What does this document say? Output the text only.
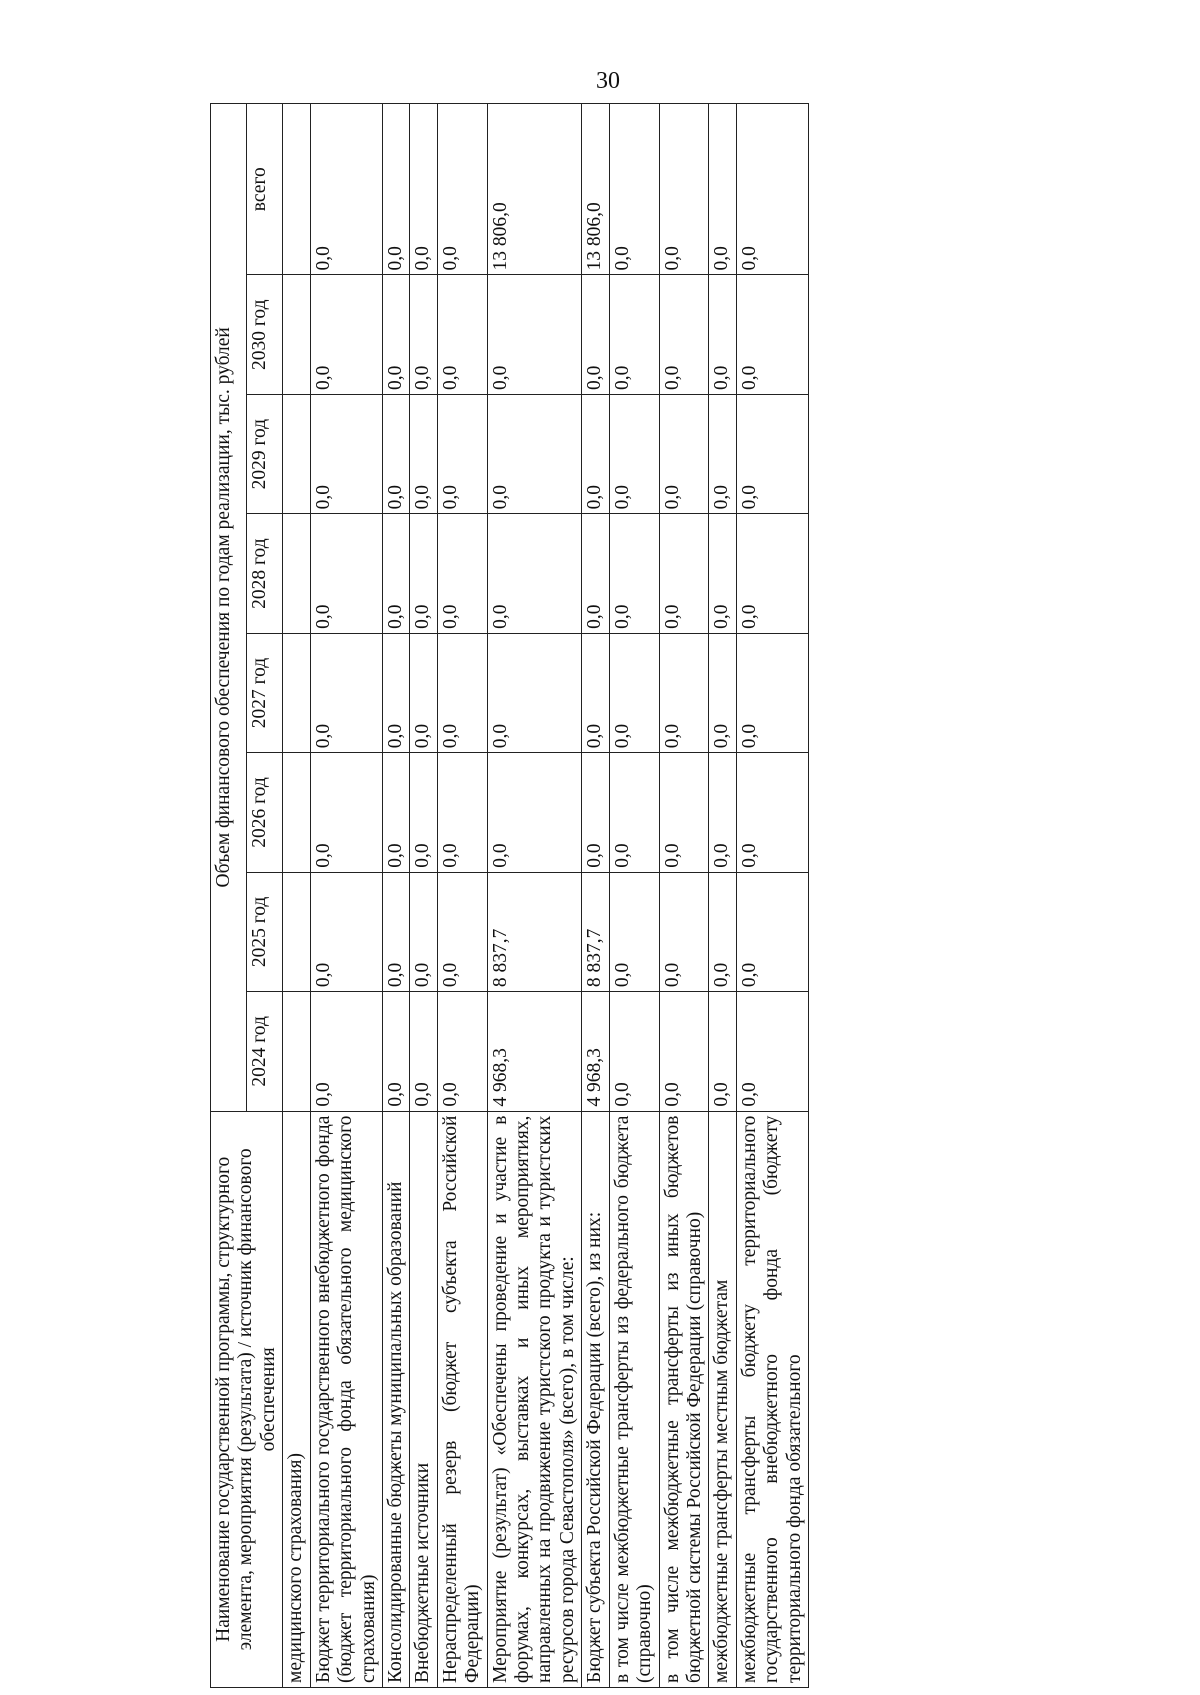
30
Наименование государственной программы, структурного элемента, мероприятия (результата) / источник финансового обеспечения	Объем финансового обеспечения по годам реализации, тыс. рублей							
	2024 год	2025 год	2026 год	2027 год	2028 год	2029 год	2030 год	всего
медицинского страхования)								
Бюджет территориального государственного внебюджетного фонда (бюджет территориального фонда обязательного медицинского страхования)	0,0	0,0	0,0	0,0	0,0	0,0	0,0	0,0
Консолидированные бюджеты муниципальных образований	0,0	0,0	0,0	0,0	0,0	0,0	0,0	0,0
Внебюджетные источники	0,0	0,0	0,0	0,0	0,0	0,0	0,0	0,0
Нераспределенный резерв (бюджет субъекта Российской Федерации)	0,0	0,0	0,0	0,0	0,0	0,0	0,0	0,0
Мероприятие (результат) «Обеспечены проведение и участие в форумах, конкурсах, выставках и иных мероприятиях, направленных на продвижение туристского продукта и туристских ресурсов города Севастополя» (всего), в том числе:	4 968,3	8 837,7	0,0	0,0	0,0	0,0	0,0	13 806,0
Бюджет субъекта Российской Федерации (всего), из них:	4 968,3	8 837,7	0,0	0,0	0,0	0,0	0,0	13 806,0
в том числе межбюджетные трансферты из федерального бюджета (справочно)	0,0	0,0	0,0	0,0	0,0	0,0	0,0	0,0
в том числе межбюджетные трансферты из иных бюджетов бюджетной системы Российской Федерации (справочно)	0,0	0,0	0,0	0,0	0,0	0,0	0,0	0,0
межбюджетные трансферты местным бюджетам	0,0	0,0	0,0	0,0	0,0	0,0	0,0	0,0
межбюджетные трансферты бюджету территориального государственного внебюджетного фонда (бюджету территориального фонда обязательного	0,0	0,0	0,0	0,0	0,0	0,0	0,0	0,0
